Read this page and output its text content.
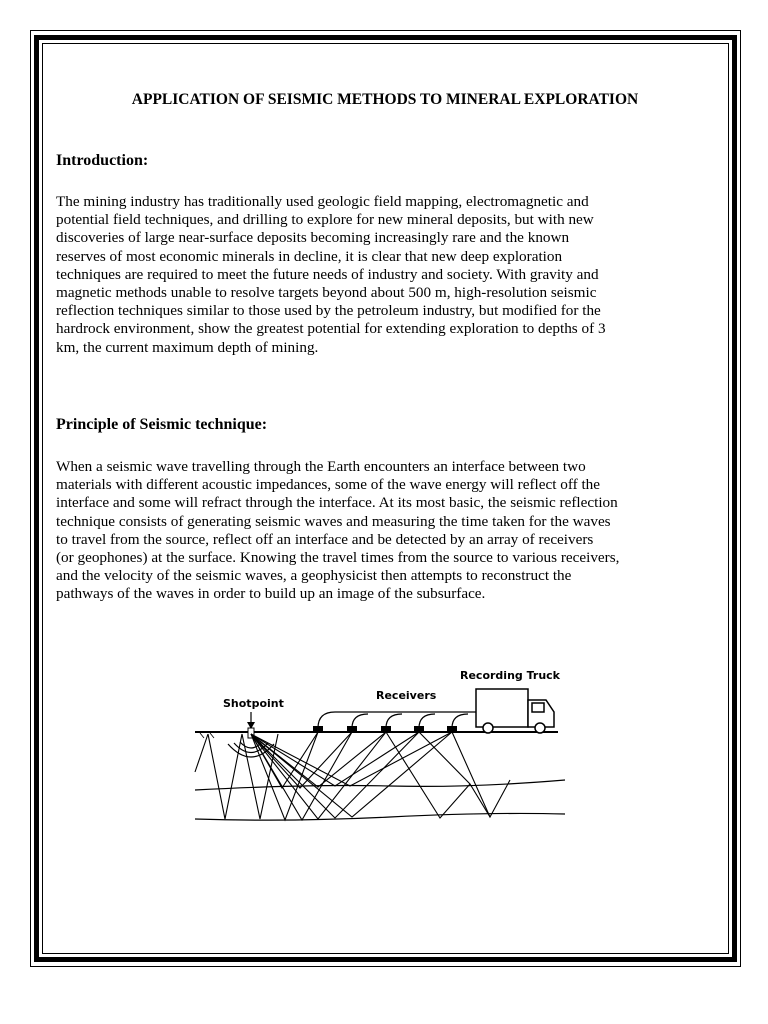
APPLICATION OF SEISMIC METHODS TO MINERAL EXPLORATION
Introduction:
The mining industry has traditionally used geologic field mapping, electromagnetic and
potential field techniques, and drilling to explore for new mineral deposits, but with new
discoveries of large near-surface deposits becoming increasingly rare and the known
reserves of most economic minerals in decline, it is clear that new deep exploration
techniques are required to meet the future needs of industry and society. With gravity and
magnetic methods unable to resolve targets beyond about 500 m, high-resolution seismic
reflection techniques similar to those used by the petroleum industry, but modified for the
hardrock environment, show the greatest potential for extending exploration to depths of 3
km, the current maximum depth of mining.
Principle of Seismic technique:
When a seismic wave travelling through the Earth encounters an interface between two
materials with different acoustic impedances, some of the wave energy will reflect off the
interface and some will refract through the interface. At its most basic, the seismic reflection
technique consists of generating seismic waves and measuring the time taken for the waves
to travel from the source, reflect off an interface and be detected by an array of receivers
(or geophones) at the surface. Knowing the travel times from the source to various receivers,
and the velocity of the seismic waves, a geophysicist then attempts to reconstruct the
pathways of the waves in order to build up an image of the subsurface.
Recording Truck
Receivers
Shotpoint
